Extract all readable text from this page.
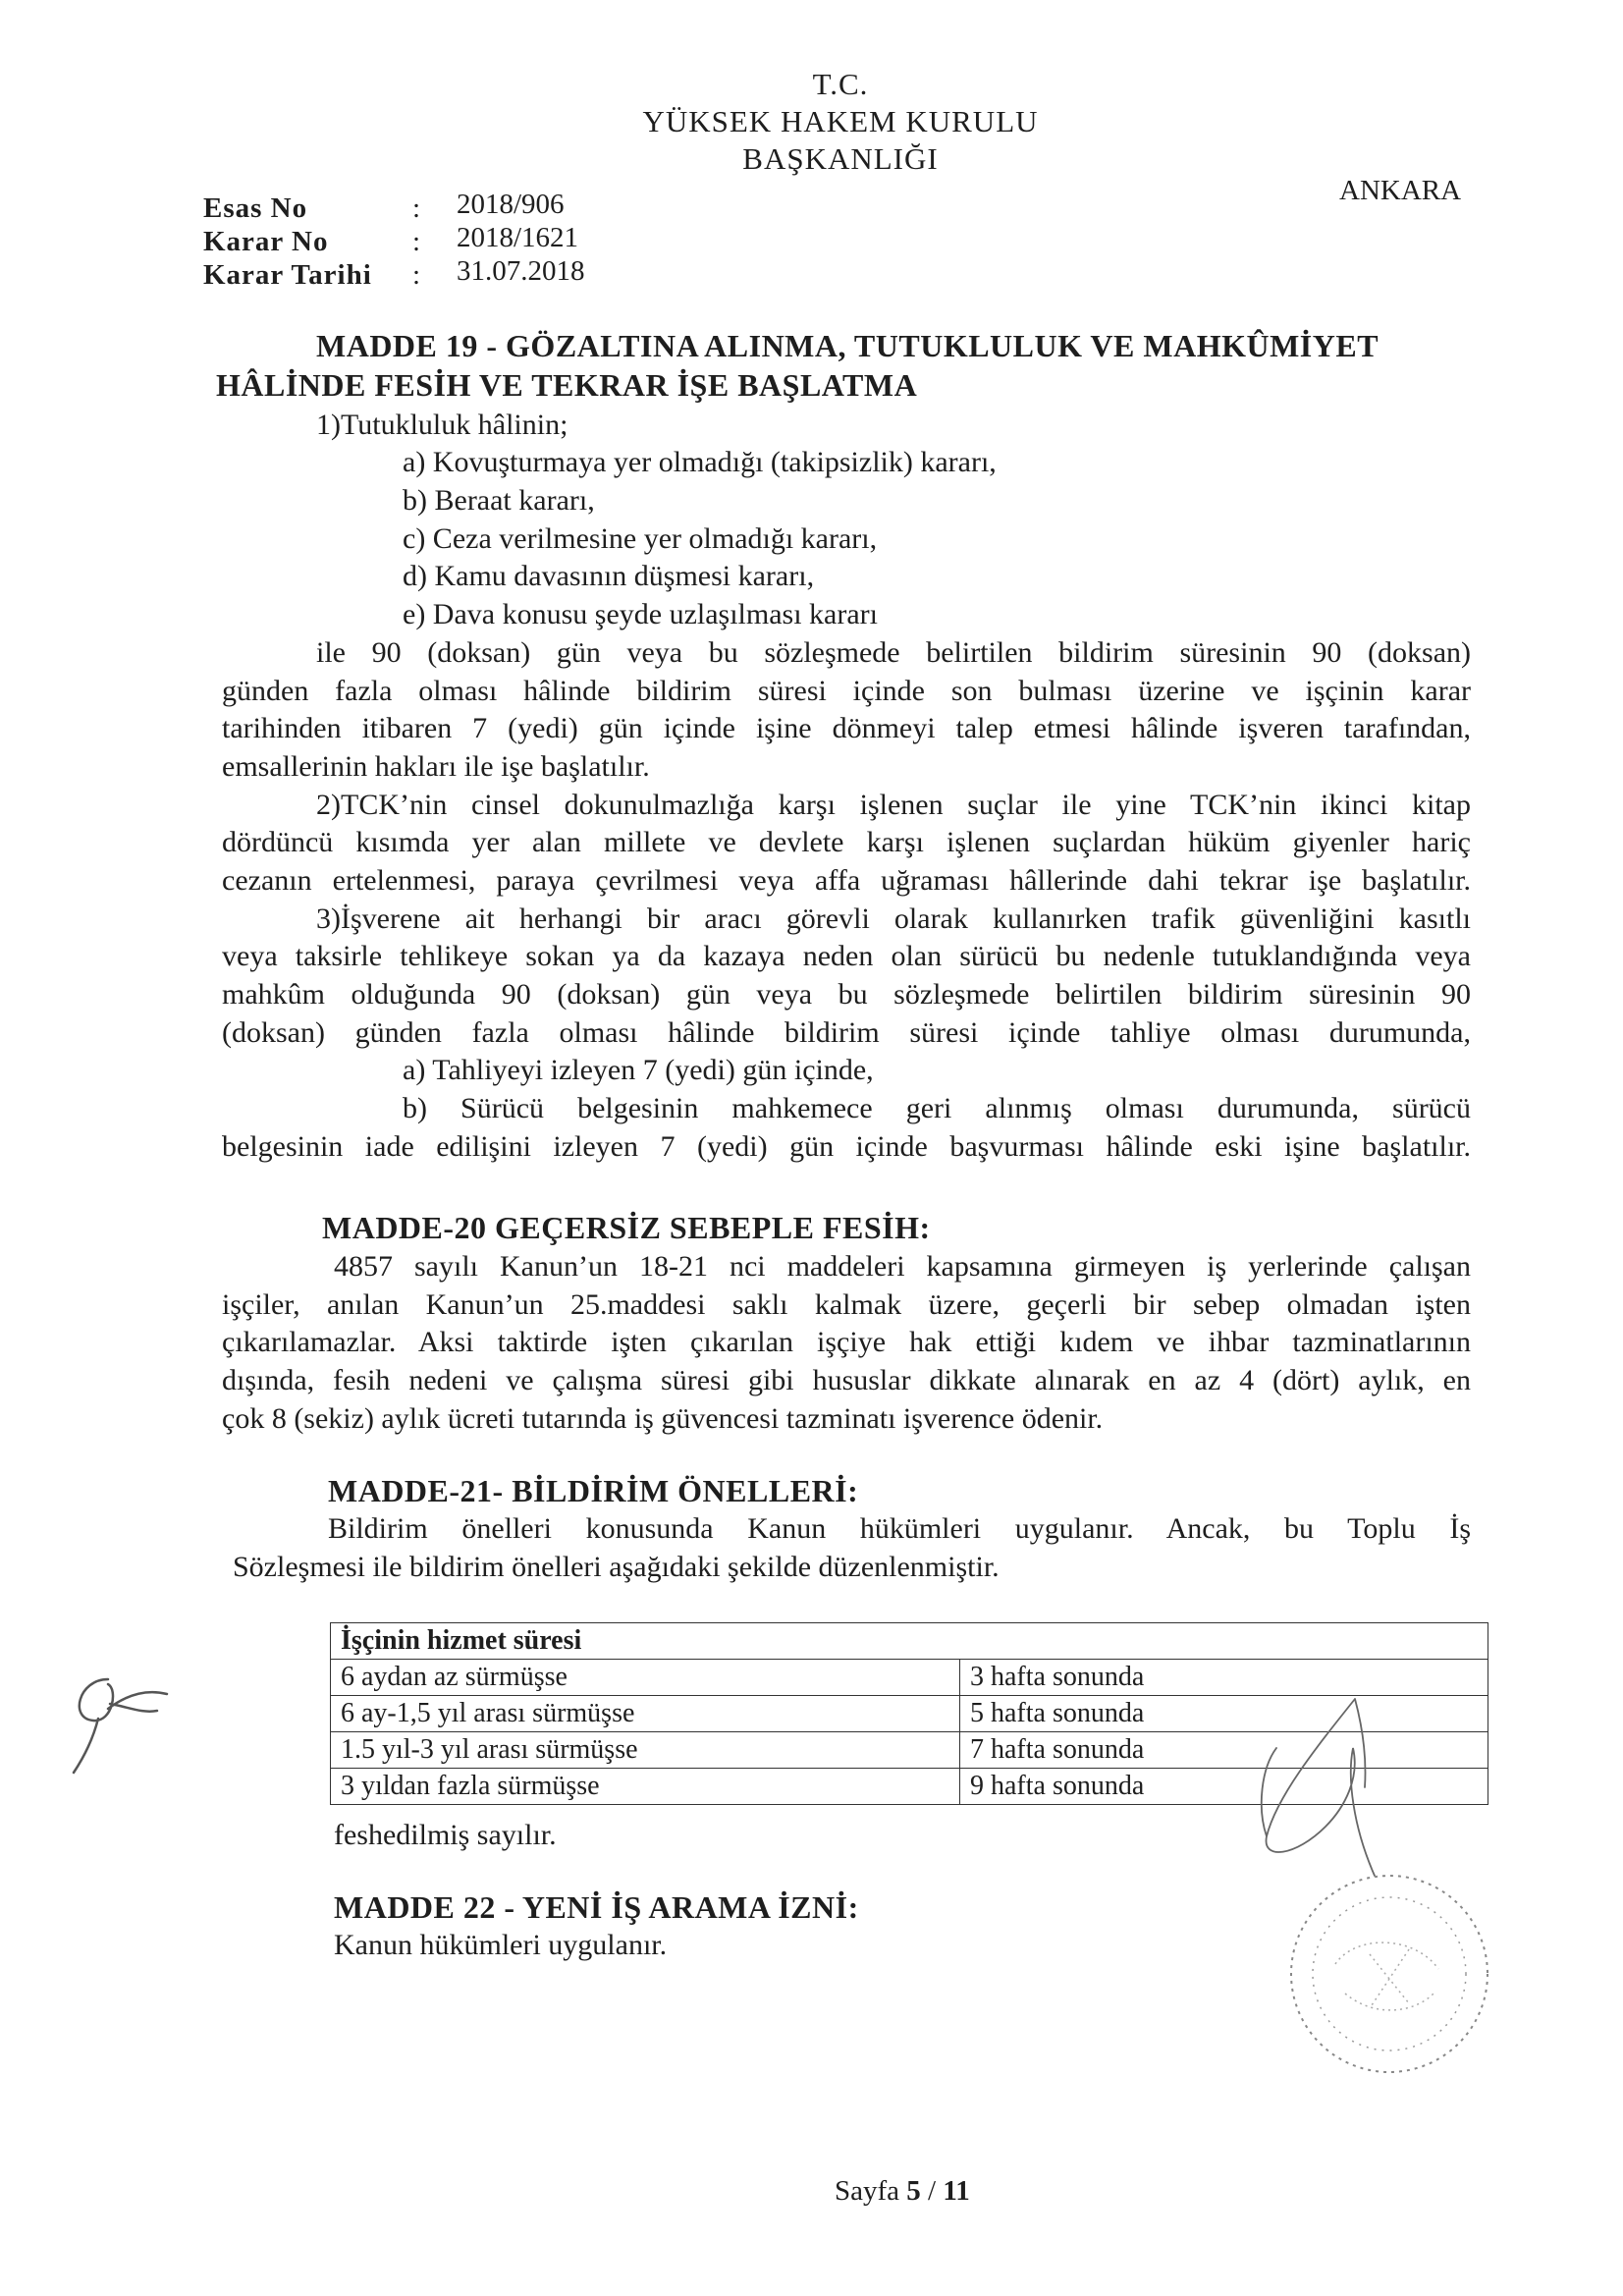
T.C.
YÜKSEK HAKEM KURULU
BAŞKANLIĞI
ANKARA
Esas No	: 2018/906
Karar No	: 2018/1621
Karar Tarihi : 31.07.2018
MADDE 19 - GÖZALTINA ALINMA, TUTUKLULUK VE MAHKÛMİYET
HÂLİNDE FESİH VE TEKRAR İŞE BAŞLATMA
1)Tutukluluk hâlinin;
a) Kovuşturmaya yer olmadığı (takipsizlik) kararı,
b) Beraat kararı,
c) Ceza verilmesine yer olmadığı kararı,
d) Kamu davasının düşmesi kararı,
e) Dava konusu şeyde uzlaşılması kararı
ile 90 (doksan) gün veya bu sözleşmede belirtilen bildirim süresinin 90 (doksan)
günden fazla olması hâlinde bildirim süresi içinde son bulması üzerine ve işçinin karar
tarihinden itibaren 7 (yedi) gün içinde işine dönmeyi talep etmesi hâlinde işveren tarafından,
emsallerinin hakları ile işe başlatılır.
2)TCK’nin cinsel dokunulmazlığa karşı işlenen suçlar ile yine TCK’nin ikinci kitap
dördüncü kısımda yer alan millete ve devlete karşı işlenen suçlardan hüküm giyenler hariç
cezanın ertelenmesi, paraya çevrilmesi veya affa uğraması hâllerinde dahi tekrar işe başlatılır.
3)İşverene ait herhangi bir aracı görevli olarak kullanırken trafik güvenliğini kasıtlı
veya taksirle tehlikeye sokan ya da kazaya neden olan sürücü bu nedenle tutuklandığında veya
mahkûm olduğunda 90 (doksan) gün veya bu sözleşmede belirtilen bildirim süresinin 90
(doksan) günden fazla olması hâlinde bildirim süresi içinde tahliye olması durumunda,
a) Tahliyeyi izleyen 7 (yedi) gün içinde,
b) Sürücü belgesinin mahkemece geri alınmış olması durumunda, sürücü
belgesinin iade edilişini izleyen 7 (yedi) gün içinde başvurması hâlinde eski işine başlatılır.
MADDE-20 GEÇERSİZ SEBEPLE FESİH:
4857 sayılı Kanun’un 18-21 nci maddeleri kapsamına girmeyen iş yerlerinde çalışan
işçiler, anılan Kanun’un 25.maddesi saklı kalmak üzere, geçerli bir sebep olmadan işten
çıkarılamazlar. Aksi taktirde işten çıkarılan işçiye hak ettiği kıdem ve ihbar tazminatlarının
dışında, fesih nedeni ve çalışma süresi gibi hususlar dikkate alınarak en az 4 (dört) aylık, en
çok 8 (sekiz) aylık ücreti tutarında iş güvencesi tazminatı işverence ödenir.
MADDE-21- BİLDİRİM ÖNELLERİ:
Bildirim önelleri konusunda Kanun hükümleri uygulanır. Ancak, bu Toplu İş
Sözleşmesi ile bildirim önelleri aşağıdaki şekilde düzenlenmiştir.
İşçinin hizmet süresi	
6 aydan az sürmüşse	3 hafta sonunda
6 ay-1,5 yıl arası sürmüşse	5 hafta sonunda
1.5 yıl-3 yıl arası sürmüşse	7 hafta sonunda
3 yıldan fazla sürmüşse	9 hafta sonunda
feshedilmiş sayılır.
MADDE 22 - YENİ İŞ ARAMA İZNİ:
Kanun hükümleri uygulanır.
Sayfa 5 / 11
